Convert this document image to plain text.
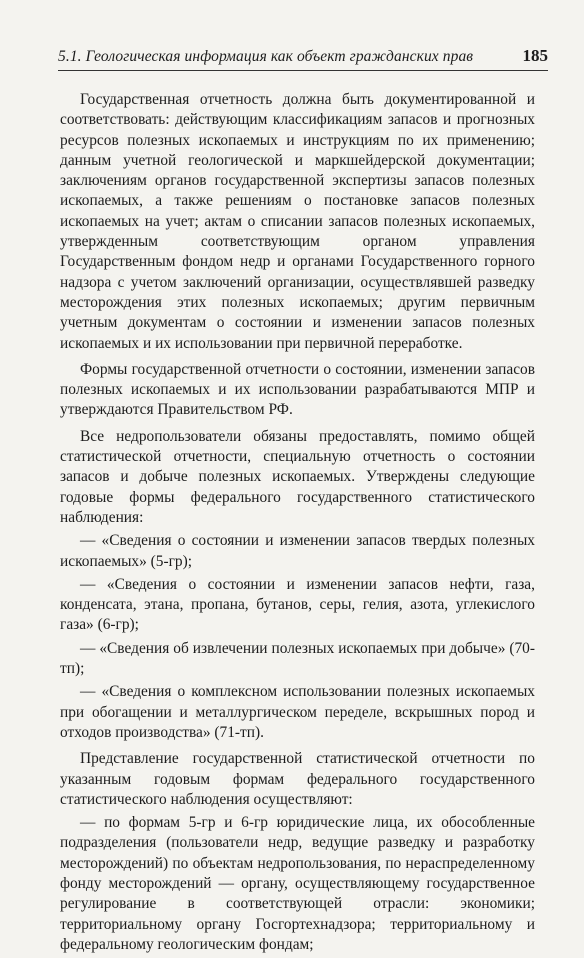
5.1. Геологическая информация как объект гражданских прав	185

Государственная отчетность должна быть документированной и соответствовать: действующим классификациям запасов и прогнозных ресурсов полезных ископаемых и инструкциям по их применению; данным учетной геологической и маркшейдерской документации; заключениям органов государственной экспертизы запасов полезных ископаемых, а также решениям о постановке запасов полезных ископаемых на учет; актам о списании запасов полезных ископаемых, утвержденным соответствующим органом управления Государственным фондом недр и органами Государственного горного надзора с учетом заключений организации, осуществлявшей разведку месторождения этих полезных ископаемых; другим первичным учетным документам о состоянии и изменении запасов полезных ископаемых и их использовании при первичной переработке.

Формы государственной отчетности о состоянии, изменении запасов полезных ископаемых и их использовании разрабатываются МПР и утверждаются Правительством РФ.

Все недропользователи обязаны предоставлять, помимо общей статистической отчетности, специальную отчетность о состоянии запасов и добыче полезных ископаемых. Утверждены следующие годовые формы федерального государственного статистического наблюдения:

— «Сведения о состоянии и изменении запасов твердых полезных ископаемых» (5-гр);

— «Сведения о состоянии и изменении запасов нефти, газа, конденсата, этана, пропана, бутанов, серы, гелия, азота, углекислого газа» (6-гр);

— «Сведения об извлечении полезных ископаемых при добыче» (70-тп);

— «Сведения о комплексном использовании полезных ископаемых при обогащении и металлургическом переделе, вскрышных пород и отходов производства» (71-тп).

Представление государственной статистической отчетности по указанным годовым формам федерального государственного статистического наблюдения осуществляют:

— по формам 5-гр и 6-гр юридические лица, их обособленные подразделения (пользователи недр, ведущие разведку и разработку месторождений) по объектам недропользования, по нераспределенному фонду месторождений — органу, осуществляющему государственное регулирование в соответствующей отрасли: экономики; территориальному органу Госгортехнадзора; территориальному и федеральному геологическим фондам;
